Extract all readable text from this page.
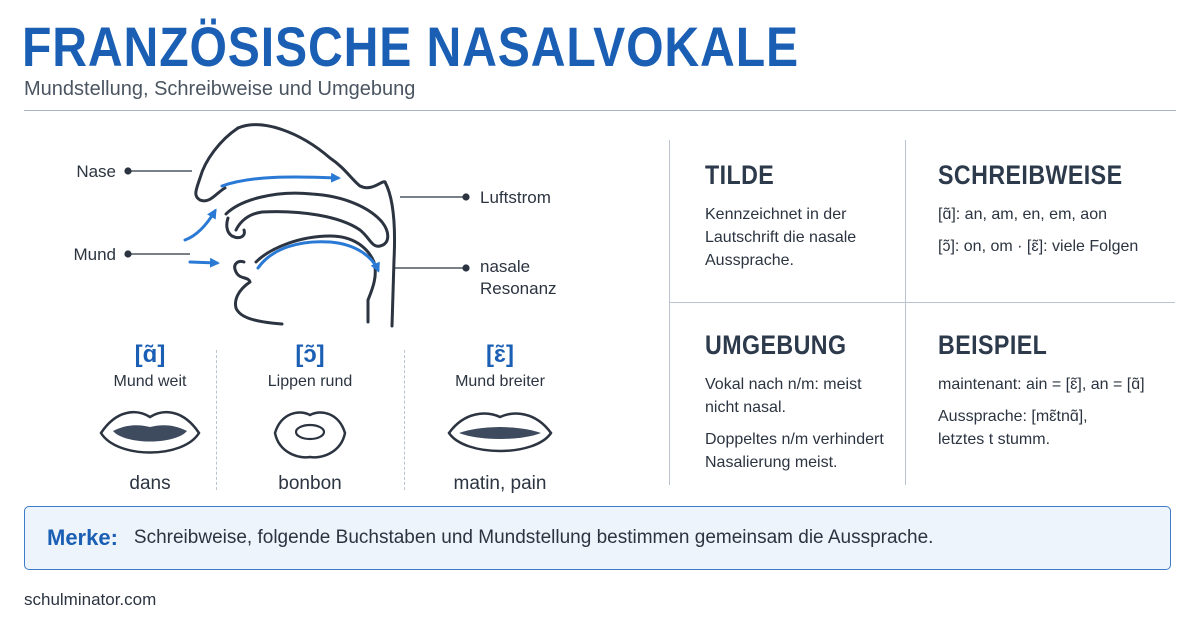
FRANZÖSISCHE NASALVOKALE
Mundstellung, Schreibweise und Umgebung
Nase
Mund
Luftstrom
nasale
Resonanz
[ɑ̃]
Mund weit
dans
[ɔ̃]
Lippen rund
bonbon
[ɛ̃]
Mund breiter
matin, pain
TILDE

Kennzeichnet in der Lautschrift die nasale Aussprache.

SCHREIBWEISE

[ɑ̃]: an, am, en, em, aon

[ɔ̃]: on, om · [ɛ̃]: viele Folgen

UMGEBUNG

Vokal nach n/m: meist nicht nasal.

Doppeltes n/m verhindert Nasalierung meist.

BEISPIEL

maintenant: ain = [ɛ̃], an = [ɑ̃]

Aussprache: [mɛ̃tnɑ̃], letztes t stumm.

Merke: Schreibweise, folgende Buchstaben und Mundstellung bestimmen gemeinsam die Aussprache.
schulminator.com
